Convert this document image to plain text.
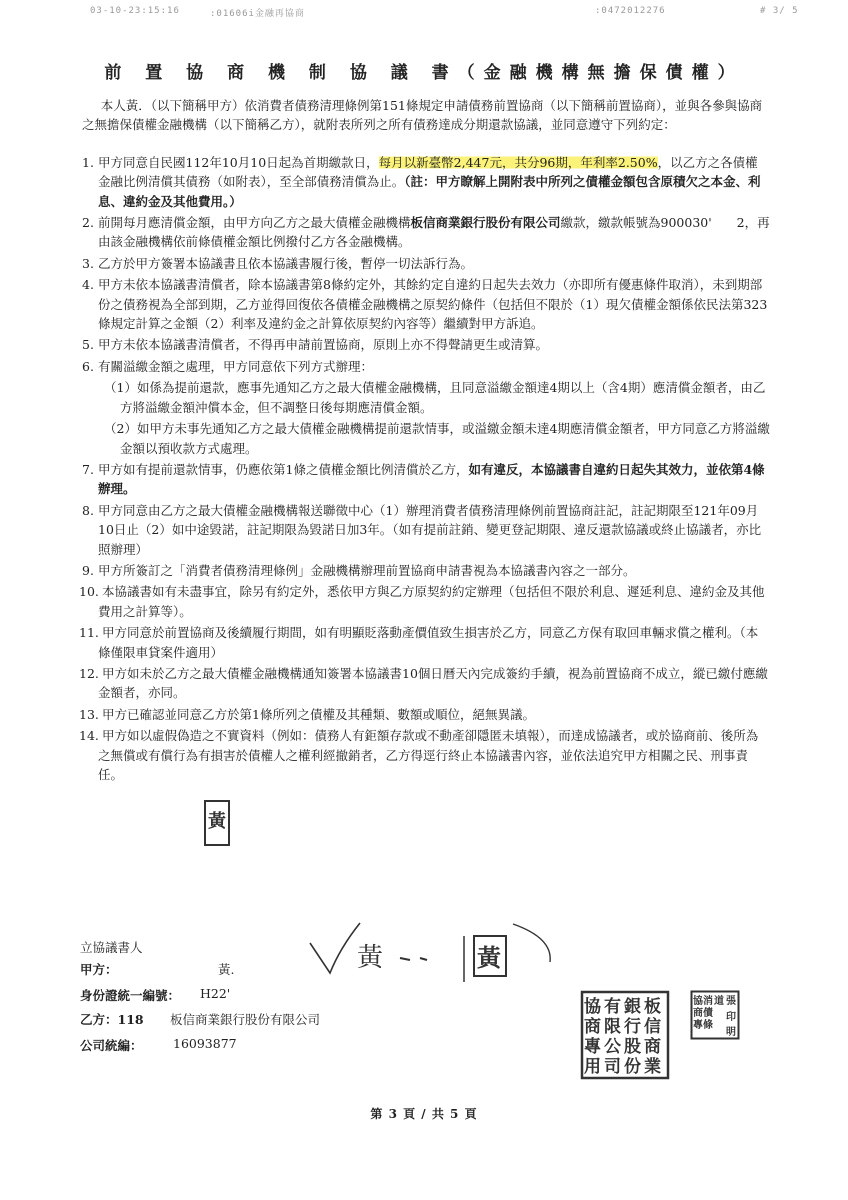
03-10-23:15:16	:01606i金融再協商	:0472012276	# 3/ 5
前 置 協 商 機 制 協 議 書（金融機構無擔保債權）

本人黃．（以下簡稱甲方）依消費者債務清理條例第151條規定申請債務前置協商（以下簡稱前置協商），並與各參與協商之無擔保債權金融機構（以下簡稱乙方），就附表所列之所有債務達成分期還款協議，並同意遵守下列約定：

1. 甲方同意自民國112年10月10日起為首期繳款日，每月以新臺幣2,447元，共分96期，年利率2.50%，以乙方之各債權金融比例清償其債務（如附表），至全部債務清償為止。（註：甲方瞭解上開附表中所列之債權金額包含原積欠之本金、利息、違約金及其他費用。）

2. 前開每月應清償金額，由甲方向乙方之最大債權金融機構板信商業銀行股份有限公司繳款，繳款帳號為900030'　　2，再由該金融機構依前條債權金額比例撥付乙方各金融機構。

3. 乙方於甲方簽署本協議書且依本協議書履行後，暫停一切法訴行為。

4. 甲方未依本協議書清償者，除本協議書第8條約定外，其餘約定自違約日起失去效力（亦即所有優惠條件取消），未到期部份之債務視為全部到期，乙方並得回復依各債權金融機構之原契約條件（包括但不限於（1）現欠債權金額係依民法第323條規定計算之金額（2）利率及違約金之計算依原契約內容等）繼續對甲方訴追。

5. 甲方未依本協議書清償者，不得再申請前置協商，原則上亦不得聲請更生或清算。

6. 有關溢繳金額之處理，甲方同意依下列方式辦理：

（1）如係為提前還款，應事先通知乙方之最大債權金融機構，且同意溢繳金額達4期以上（含4期）應清償金額者，由乙方將溢繳金額沖償本金，但不調整日後每期應清償金額。

（2）如甲方未事先通知乙方之最大債權金融機構提前還款情事，或溢繳金額未達4期應清償金額者，甲方同意乙方將溢繳金額以預收款方式處理。

7. 甲方如有提前還款情事，仍應依第1條之債權金額比例清償於乙方，如有違反，本協議書自違約日起失其效力，並依第4條辦理。

8. 甲方同意由乙方之最大債權金融機構報送聯徵中心（1）辦理消費者債務清理條例前置協商註記，註記期限至121年09月10日止（2）如中途毀諾，註記期限為毀諾日加3年。（如有提前註銷、變更登記期限、違反還款協議或終止協議者，亦比照辦理）

9. 甲方所簽訂之「消費者債務清理條例」金融機構辦理前置協商申請書視為本協議書內容之一部分。

10. 本協議書如有未盡事宜，除另有約定外，悉依甲方與乙方原契約約定辦理（包括但不限於利息、遲延利息、違約金及其他費用之計算等）。

11. 甲方同意於前置協商及後續履行期間，如有明顯貶落動產價值致生損害於乙方，同意乙方保有取回車輛求償之權利。（本條僅限車貸案件適用）

12. 甲方如未於乙方之最大債權金融機構通知簽署本協議書10個日曆天內完成簽約手續，視為前置協商不成立，縱已繳付應繳金額者，亦同。

13. 甲方已確認並同意乙方於第1條所列之債權及其種類、數額或順位，絕無異議。

14. 甲方如以虛假偽造之不實資料（例如：債務人有鉅額存款或不動產卻隱匿未填報），而達成協議者，或於協商前、後所為之無償或有償行為有損害於債權人之權利經撤銷者，乙方得逕行終止本協議書內容，並依法追究甲方相關之民、刑事責任。

黃
立協議書人
甲方：	黃.
身份證統一編號： H22'
乙方：118 板信商業銀行股份有限公司
公司統編： 16093877
黃	黃
板
信
商
業
銀
行
股
份
有
限
公
司
協
商
專
用
張
印
明
道
消
債
條
協
商
專
第 3 頁 / 共 5 頁
